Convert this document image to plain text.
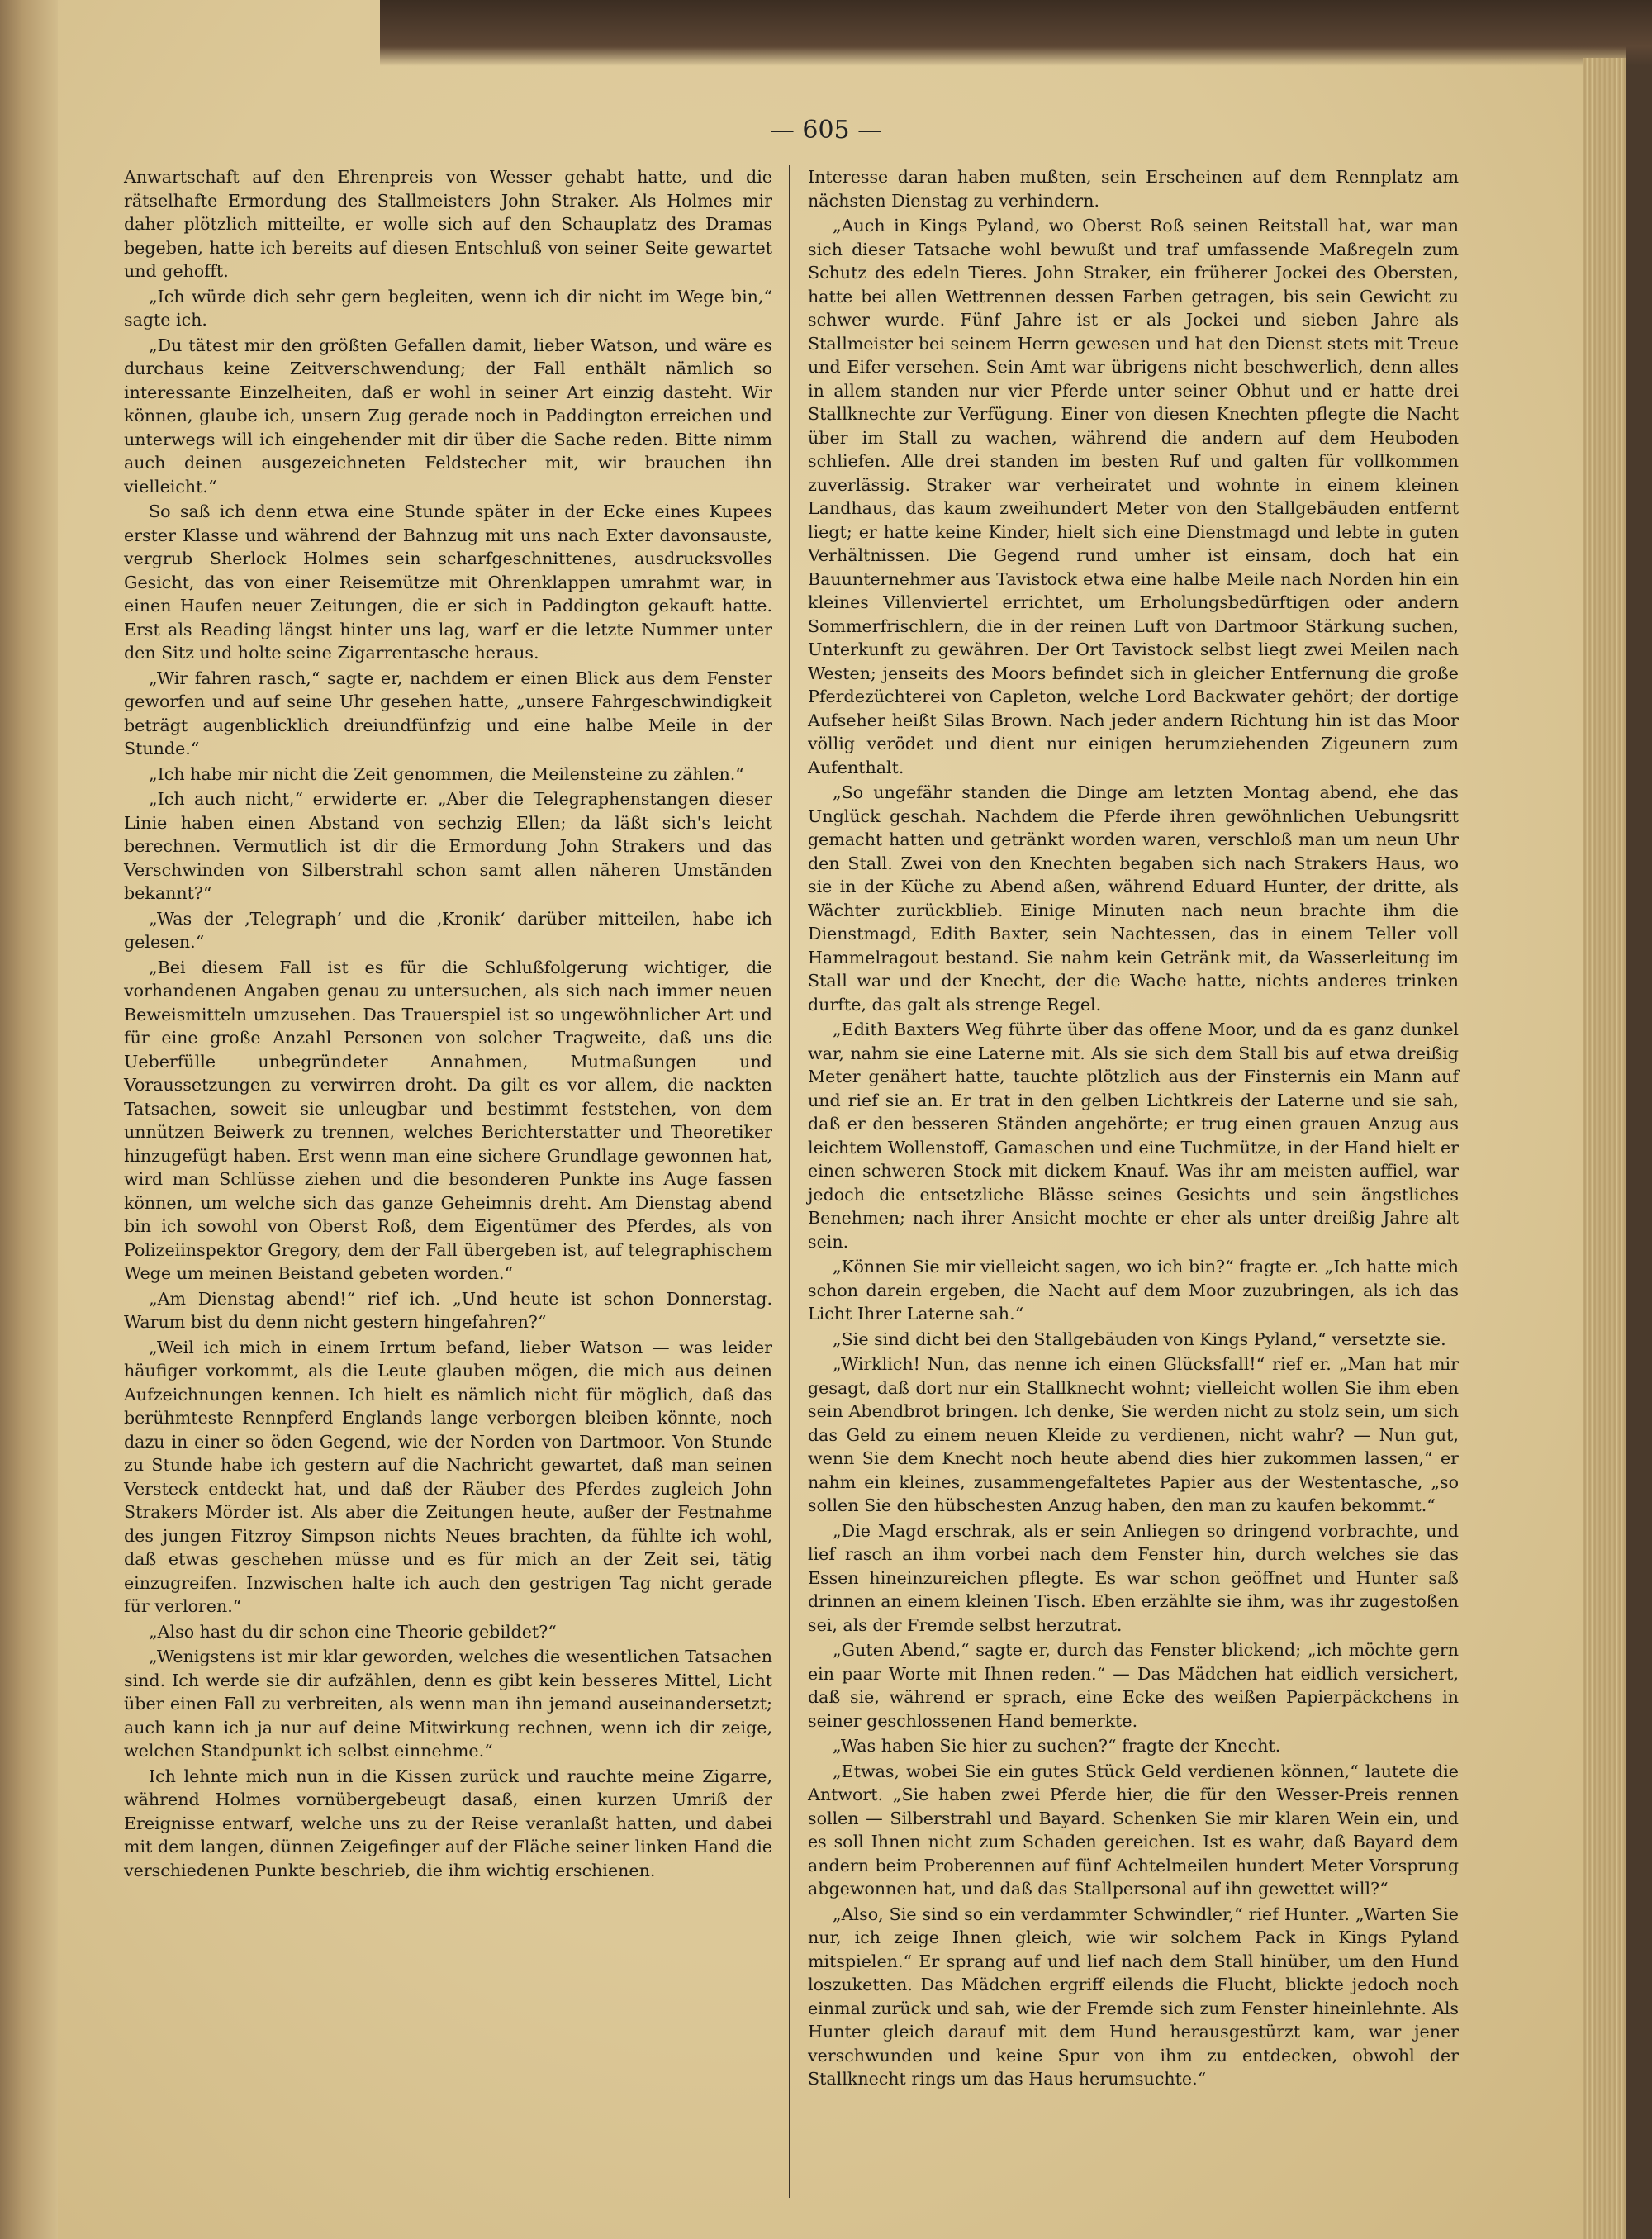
— 605 —

Anwartschaft auf den Ehrenpreis von Wesser gehabt hatte, und die rätselhafte Ermordung des Stallmeisters John Straker. Als Holmes mir daher plötzlich mitteilte, er wolle sich auf den Schauplatz des Dramas begeben, hatte ich bereits auf diesen Entschluß von seiner Seite gewartet und gehofft.

„Ich würde dich sehr gern begleiten, wenn ich dir nicht im Wege bin,“ sagte ich.

„Du tätest mir den größten Gefallen damit, lieber Watson, und wäre es durchaus keine Zeitverschwendung; der Fall enthält nämlich so interessante Einzelheiten, daß er wohl in seiner Art einzig dasteht. Wir können, glaube ich, unsern Zug gerade noch in Paddington erreichen und unterwegs will ich eingehender mit dir über die Sache reden. Bitte nimm auch deinen ausgezeichneten Feldstecher mit, wir brauchen ihn vielleicht.“

So saß ich denn etwa eine Stunde später in der Ecke eines Kupees erster Klasse und während der Bahnzug mit uns nach Exter davonsauste, vergrub Sherlock Holmes sein scharfgeschnittenes, ausdrucksvolles Gesicht, das von einer Reisemütze mit Ohrenklappen umrahmt war, in einen Haufen neuer Zeitungen, die er sich in Paddington gekauft hatte. Erst als Reading längst hinter uns lag, warf er die letzte Nummer unter den Sitz und holte seine Zigarrentasche heraus.

„Wir fahren rasch,“ sagte er, nachdem er einen Blick aus dem Fenster geworfen und auf seine Uhr gesehen hatte, „unsere Fahrgeschwindigkeit beträgt augenblicklich dreiundfünfzig und eine halbe Meile in der Stunde.“

„Ich habe mir nicht die Zeit genommen, die Meilensteine zu zählen.“

„Ich auch nicht,“ erwiderte er. „Aber die Telegraphenstangen dieser Linie haben einen Abstand von sechzig Ellen; da läßt sich's leicht berechnen. Vermutlich ist dir die Ermordung John Strakers und das Verschwinden von Silberstrahl schon samt allen näheren Umständen bekannt?“

„Was der ‚Telegraph‘ und die ‚Kronik‘ darüber mitteilen, habe ich gelesen.“

„Bei diesem Fall ist es für die Schlußfolgerung wichtiger, die vorhandenen Angaben genau zu untersuchen, als sich nach immer neuen Beweismitteln umzusehen. Das Trauerspiel ist so ungewöhnlicher Art und für eine große Anzahl Personen von solcher Tragweite, daß uns die Ueberfülle unbegründeter Annahmen, Mutmaßungen und Voraussetzungen zu verwirren droht. Da gilt es vor allem, die nackten Tatsachen, soweit sie unleugbar und bestimmt feststehen, von dem unnützen Beiwerk zu trennen, welches Berichterstatter und Theoretiker hinzugefügt haben. Erst wenn man eine sichere Grundlage gewonnen hat, wird man Schlüsse ziehen und die besonderen Punkte ins Auge fassen können, um welche sich das ganze Geheimnis dreht. Am Dienstag abend bin ich sowohl von Oberst Roß, dem Eigentümer des Pferdes, als von Polizeiinspektor Gregory, dem der Fall übergeben ist, auf telegraphischem Wege um meinen Beistand gebeten worden.“

„Am Dienstag abend!“ rief ich. „Und heute ist schon Donnerstag. Warum bist du denn nicht gestern hingefahren?“

„Weil ich mich in einem Irrtum befand, lieber Watson — was leider häufiger vorkommt, als die Leute glauben mögen, die mich aus deinen Aufzeichnungen kennen. Ich hielt es nämlich nicht für möglich, daß das berühmteste Rennpferd Englands lange verborgen bleiben könnte, noch dazu in einer so öden Gegend, wie der Norden von Dartmoor. Von Stunde zu Stunde habe ich gestern auf die Nachricht gewartet, daß man seinen Versteck entdeckt hat, und daß der Räuber des Pferdes zugleich John Strakers Mörder ist. Als aber die Zeitungen heute, außer der Festnahme des jungen Fitzroy Simpson nichts Neues brachten, da fühlte ich wohl, daß etwas geschehen müsse und es für mich an der Zeit sei, tätig einzugreifen. Inzwischen halte ich auch den gestrigen Tag nicht gerade für verloren.“

„Also hast du dir schon eine Theorie gebildet?“

„Wenigstens ist mir klar geworden, welches die wesentlichen Tatsachen sind. Ich werde sie dir aufzählen, denn es gibt kein besseres Mittel, Licht über einen Fall zu verbreiten, als wenn man ihn jemand auseinandersetzt; auch kann ich ja nur auf deine Mitwirkung rechnen, wenn ich dir zeige, welchen Standpunkt ich selbst einnehme.“

Ich lehnte mich nun in die Kissen zurück und rauchte meine Zigarre, während Holmes vornübergebeugt dasaß, einen kurzen Umriß der Ereignisse entwarf, welche uns zu der Reise veranlaßt hatten, und dabei mit dem langen, dünnen Zeigefinger auf der Fläche seiner linken Hand die verschiedenen Punkte beschrieb, die ihm wichtig erschienen.

Interesse daran haben mußten, sein Erscheinen auf dem Rennplatz am nächsten Dienstag zu verhindern.

„Auch in Kings Pyland, wo Oberst Roß seinen Reitstall hat, war man sich dieser Tatsache wohl bewußt und traf umfassende Maßregeln zum Schutz des edeln Tieres. John Straker, ein früherer Jockei des Obersten, hatte bei allen Wettrennen dessen Farben getragen, bis sein Gewicht zu schwer wurde. Fünf Jahre ist er als Jockei und sieben Jahre als Stallmeister bei seinem Herrn gewesen und hat den Dienst stets mit Treue und Eifer versehen. Sein Amt war übrigens nicht beschwerlich, denn alles in allem standen nur vier Pferde unter seiner Obhut und er hatte drei Stallknechte zur Verfügung. Einer von diesen Knechten pflegte die Nacht über im Stall zu wachen, während die andern auf dem Heuboden schliefen. Alle drei standen im besten Ruf und galten für vollkommen zuverlässig. Straker war verheiratet und wohnte in einem kleinen Landhaus, das kaum zweihundert Meter von den Stallgebäuden entfernt liegt; er hatte keine Kinder, hielt sich eine Dienstmagd und lebte in guten Verhältnissen. Die Gegend rund umher ist einsam, doch hat ein Bauunternehmer aus Tavistock etwa eine halbe Meile nach Norden hin ein kleines Villenviertel errichtet, um Erholungsbedürftigen oder andern Sommerfrischlern, die in der reinen Luft von Dartmoor Stärkung suchen, Unterkunft zu gewähren. Der Ort Tavistock selbst liegt zwei Meilen nach Westen; jenseits des Moors befindet sich in gleicher Entfernung die große Pferdezüchterei von Capleton, welche Lord Backwater gehört; der dortige Aufseher heißt Silas Brown. Nach jeder andern Richtung hin ist das Moor völlig verödet und dient nur einigen herumziehenden Zigeunern zum Aufenthalt.

„So ungefähr standen die Dinge am letzten Montag abend, ehe das Unglück geschah. Nachdem die Pferde ihren gewöhnlichen Uebungsritt gemacht hatten und getränkt worden waren, verschloß man um neun Uhr den Stall. Zwei von den Knechten begaben sich nach Strakers Haus, wo sie in der Küche zu Abend aßen, während Eduard Hunter, der dritte, als Wächter zurückblieb. Einige Minuten nach neun brachte ihm die Dienstmagd, Edith Baxter, sein Nachtessen, das in einem Teller voll Hammelragout bestand. Sie nahm kein Getränk mit, da Wasserleitung im Stall war und der Knecht, der die Wache hatte, nichts anderes trinken durfte, das galt als strenge Regel.

„Edith Baxters Weg führte über das offene Moor, und da es ganz dunkel war, nahm sie eine Laterne mit. Als sie sich dem Stall bis auf etwa dreißig Meter genähert hatte, tauchte plötzlich aus der Finsternis ein Mann auf und rief sie an. Er trat in den gelben Lichtkreis der Laterne und sie sah, daß er den besseren Ständen angehörte; er trug einen grauen Anzug aus leichtem Wollenstoff, Gamaschen und eine Tuchmütze, in der Hand hielt er einen schweren Stock mit dickem Knauf. Was ihr am meisten auffiel, war jedoch die entsetzliche Blässe seines Gesichts und sein ängstliches Benehmen; nach ihrer Ansicht mochte er eher als unter dreißig Jahre alt sein.

„Können Sie mir vielleicht sagen, wo ich bin?“ fragte er. „Ich hatte mich schon darein ergeben, die Nacht auf dem Moor zuzubringen, als ich das Licht Ihrer Laterne sah.“

„Sie sind dicht bei den Stallgebäuden von Kings Pyland,“ versetzte sie.

„Wirklich! Nun, das nenne ich einen Glücksfall!“ rief er. „Man hat mir gesagt, daß dort nur ein Stallknecht wohnt; vielleicht wollen Sie ihm eben sein Abendbrot bringen. Ich denke, Sie werden nicht zu stolz sein, um sich das Geld zu einem neuen Kleide zu verdienen, nicht wahr? — Nun gut, wenn Sie dem Knecht noch heute abend dies hier zukommen lassen,“ er nahm ein kleines, zusammengefaltetes Papier aus der Westentasche, „so sollen Sie den hübschesten Anzug haben, den man zu kaufen bekommt.“

„Die Magd erschrak, als er sein Anliegen so dringend vorbrachte, und lief rasch an ihm vorbei nach dem Fenster hin, durch welches sie das Essen hineinzureichen pflegte. Es war schon geöffnet und Hunter saß drinnen an einem kleinen Tisch. Eben erzählte sie ihm, was ihr zugestoßen sei, als der Fremde selbst herzutrat.

„Guten Abend,“ sagte er, durch das Fenster blickend; „ich möchte gern ein paar Worte mit Ihnen reden.“ — Das Mädchen hat eidlich versichert, daß sie, während er sprach, eine Ecke des weißen Papierpäckchens in seiner geschlossenen Hand bemerkte.

„Was haben Sie hier zu suchen?“ fragte der Knecht.

„Etwas, wobei Sie ein gutes Stück Geld verdienen können,“ lautete die Antwort. „Sie haben zwei Pferde hier, die für den Wesser-Preis rennen sollen — Silberstrahl und Bayard. Schenken Sie mir klaren Wein ein, und es soll Ihnen nicht zum Schaden gereichen. Ist es wahr, daß Bayard dem andern beim Proberennen auf fünf Achtelmeilen hundert Meter Vorsprung abgewonnen hat, und daß das Stallpersonal auf ihn gewettet will?“

„Also, Sie sind so ein verdammter Schwindler,“ rief Hunter. „Warten Sie nur, ich zeige Ihnen gleich, wie wir solchem Pack in Kings Pyland mitspielen.“ Er sprang auf und lief nach dem Stall hinüber, um den Hund loszuketten. Das Mädchen ergriff eilends die Flucht, blickte jedoch noch einmal zurück und sah, wie der Fremde sich zum Fenster hineinlehnte. Als Hunter gleich darauf mit dem Hund herausgestürzt kam, war jener verschwunden und keine Spur von ihm zu entdecken, obwohl der Stallknecht rings um das Haus herumsuchte.“
